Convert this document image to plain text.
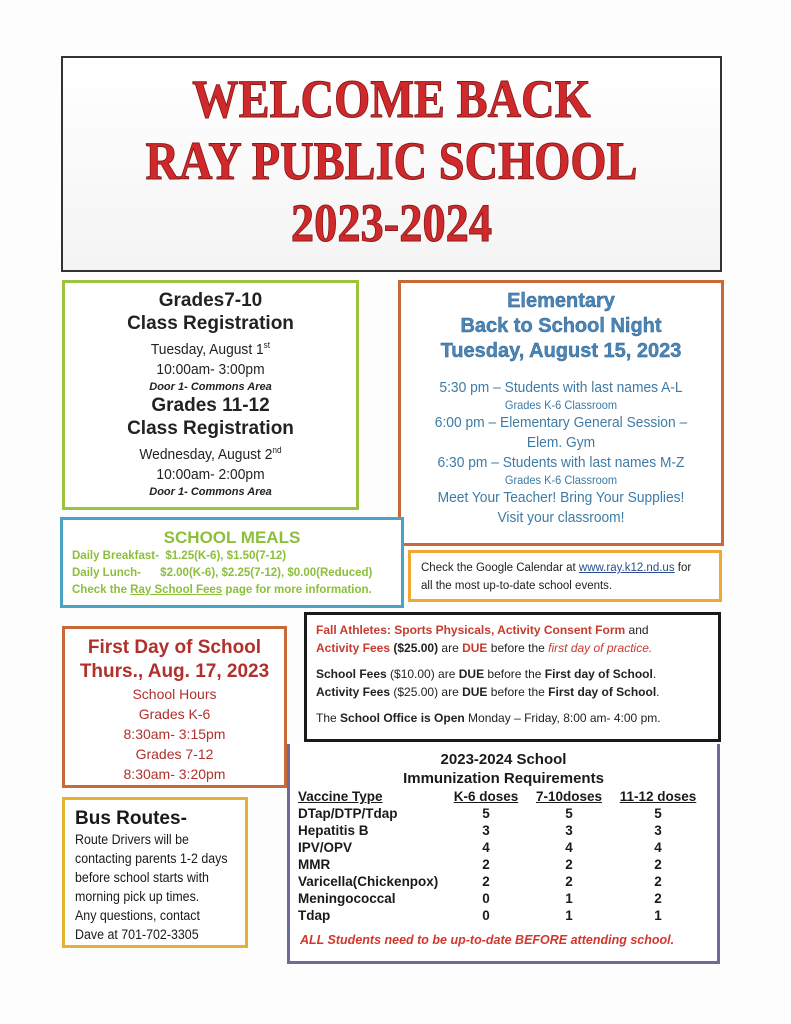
WELCOME BACK
RAY PUBLIC SCHOOL
2023-2024
Grades7-10
Class Registration
Tuesday, August 1st
10:00am- 3:00pm
Door 1- Commons Area
Grades 11-12
Class Registration
Wednesday, August 2nd
10:00am- 2:00pm
Door 1- Commons Area
Elementary
Back to School Night
Tuesday, August 15, 2023
5:30 pm – Students with last names A-L
Grades K-6 Classroom
6:00 pm – Elementary General Session –
Elem. Gym
6:30 pm – Students with last names M-Z
Grades K-6 Classroom
Meet Your Teacher! Bring Your Supplies!
Visit your classroom!
SCHOOL MEALS
Daily Breakfast-  $1.25(K-6), $1.50(7-12)
Daily Lunch-      $2.00(K-6), $2.25(7-12), $0.00(Reduced)
Check the Ray School Fees page for more information.
Check the Google Calendar at www.ray.k12.nd.us for
all the most up-to-date school events.

Fall Athletes: Sports Physicals, Activity Consent Form and
Activity Fees ($25.00) are DUE before the first day of practice.

School Fees ($10.00) are DUE before the First day of School.
Activity Fees ($25.00) are DUE before the First day of School.

The School Office is Open Monday – Friday, 8:00 am- 4:00 pm.

First Day of School
Thurs., Aug. 17, 2023
School Hours
Grades K-6
8:30am- 3:15pm
Grades 7-12
8:30am- 3:20pm
2023-2024 School
Immunization Requirements
Vaccine Type	K-6 doses	7-10doses	11-12 doses
DTap/DTP/Tdap	5	5	5
Hepatitis B	3	3	3
IPV/OPV	4	4	4
MMR	2	2	2
Varicella(Chickenpox)	2	2	2
Meningococcal	0	1	2
Tdap	0	1	1
ALL Students need to be up-to-date BEFORE attending school.
Bus Routes-
Route Drivers will be
contacting parents 1-2 days
before school starts with
morning pick up times.
Any questions, contact
Dave at 701-702-3305
